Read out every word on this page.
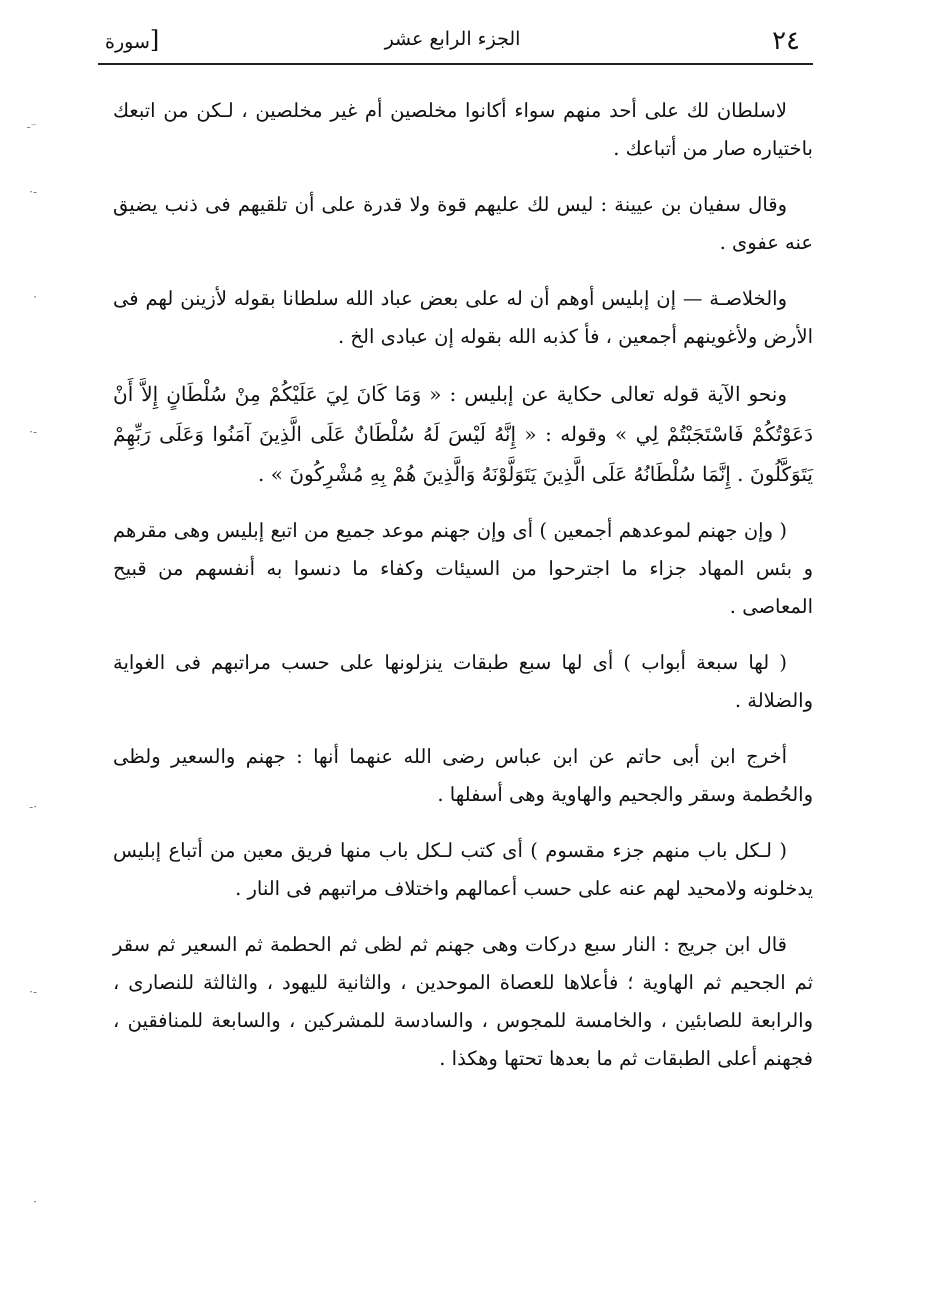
٢٤
الجزء الرابع عشر
[سورة

لاسلطان لك على أحد منهم سواء أكانوا مخلصين أم غير مخلصين ، لـكن من اتبعك باختياره صار من أتباعك .

وقال سفيان بن عيينة : ليس لك عليهم قوة ولا قدرة على أن تلقيهم فى ذنب يضيق عنه عفوى .

والخلاصـة — إن إبليس أوهم أن له على بعض عباد الله سلطانا بقوله لأزينن لهم فى الأرض ولأغوينهم أجمعين ، فأ كذبه الله بقوله إن عبادى الخ .

ونحو الآية قوله تعالى حكاية عن إبليس : « وَمَا كَانَ لِيَ عَلَيْكُمْ مِنْ سُلْطَانٍ إِلاَّ أَنْ دَعَوْتُكُمْ فَاسْتَجَبْتُمْ لِي » وقوله : « إِنَّهُ لَيْسَ لَهُ سُلْطَانٌ عَلَى الَّذِينَ آمَنُوا وَعَلَى رَبِّهِمْ يَتَوَكَّلُونَ . إِنَّمَا سُلْطَانُهُ عَلَى الَّذِينَ يَتَوَلَّوْنَهُ وَالَّذِينَ هُمْ بِهِ مُشْرِكُونَ » .

( وإن جهنم لموعدهم أجمعين ) أى وإن جهنم موعد جميع من اتبع إبليس وهى مقرهم و بئس المهاد جزاء ما اجترحوا من السيئات وكفاء ما دنسوا به أنفسهم من قبيح المعاصى .

( لها سبعة أبواب ) أى لها سبع طبقات ينزلونها على حسب مراتبهم فى الغواية والضلالة .

أخرج ابن أبى حاتم عن ابن عباس رضى الله عنهما أنها : جهنم والسعير ولظى والحُطمة وسقر والجحيم والهاوية وهى أسفلها .

( لـكل باب منهم جزء مقسوم ) أى كتب لـكل باب منها فريق معين من أتباع إبليس يدخلونه ولامحيد لهم عنه على حسب أعمالهم واختلاف مراتبهم فى النار .

قال ابن جريج : النار سبع دركات وهى جهنم ثم لظى ثم الحطمة ثم السعير ثم سقر ثم الجحيم ثم الهاوية ؛ فأعلاها للعصاة الموحدين ، والثانية لليهود ، والثالثة للنصارى ، والرابعة للصابئين ، والخامسة للمجوس ، والسادسة للمشركين ، والسابعة للمنافقين ، فجهنم أعلى الطبقات ثم ما بعدها تحتها وهكذا .

-⁻
·-
·
·-
-·
·-
·
